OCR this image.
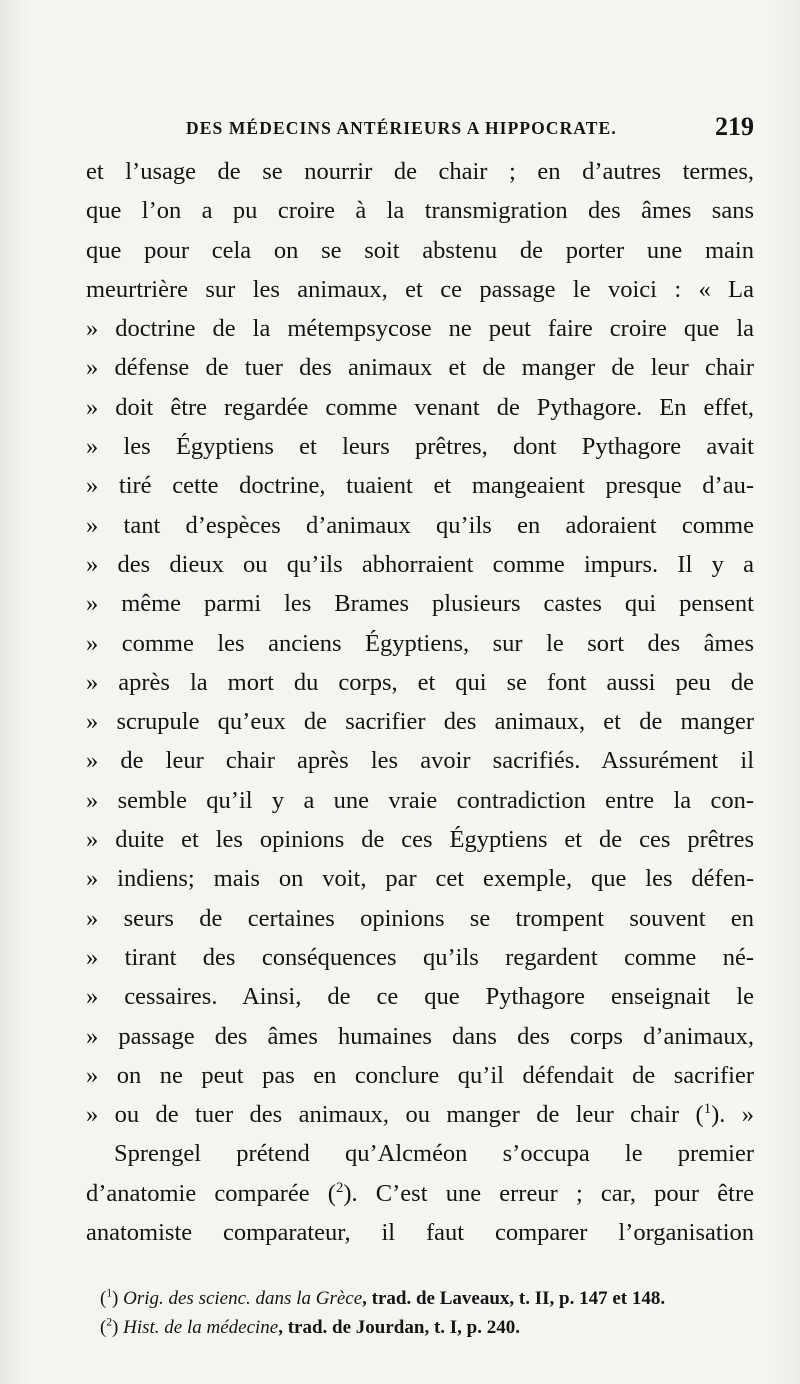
DES MÉDECINS ANTÉRIEURS A HIPPOCRATE.	219
et l’usage de se nourrir de chair ; en d’autres termes,
que l’on a pu croire à la transmigration des âmes sans
que pour cela on se soit abstenu de porter une main
meurtrière sur les animaux, et ce passage le voici : « La
» doctrine de la métempsycose ne peut faire croire que la
» défense de tuer des animaux et de manger de leur chair
» doit être regardée comme venant de Pythagore. En effet,
» les Égyptiens et leurs prêtres, dont Pythagore avait
» tiré cette doctrine, tuaient et mangeaient presque d’au-
» tant d’espèces d’animaux qu’ils en adoraient comme
» des dieux ou qu’ils abhorraient comme impurs. Il y a
» même parmi les Brames plusieurs castes qui pensent
» comme les anciens Égyptiens, sur le sort des âmes
» après la mort du corps, et qui se font aussi peu de
» scrupule qu’eux de sacrifier des animaux, et de manger
» de leur chair après les avoir sacrifiés. Assurément il
» semble qu’il y a une vraie contradiction entre la con-
» duite et les opinions de ces Égyptiens et de ces prêtres
» indiens; mais on voit, par cet exemple, que les défen-
» seurs de certaines opinions se trompent souvent en
» tirant des conséquences qu’ils regardent comme né-
» cessaires. Ainsi, de ce que Pythagore enseignait le
» passage des âmes humaines dans des corps d’animaux,
» on ne peut pas en conclure qu’il défendait de sacrifier
» ou de tuer des animaux, ou manger de leur chair ($^1$). »
Sprengel prétend qu’Alcméon s’occupa le premier
d’anatomie comparée ($^2$). C’est une erreur ; car, pour être
anatomiste comparateur, il faut comparer l’organisation
($^1$) Orig. des scienc. dans la Grèce, trad. de Laveaux, t. II, p. 147 et 148.
($^2$) Hist. de la médecine, trad. de Jourdan, t. I, p. 240.
